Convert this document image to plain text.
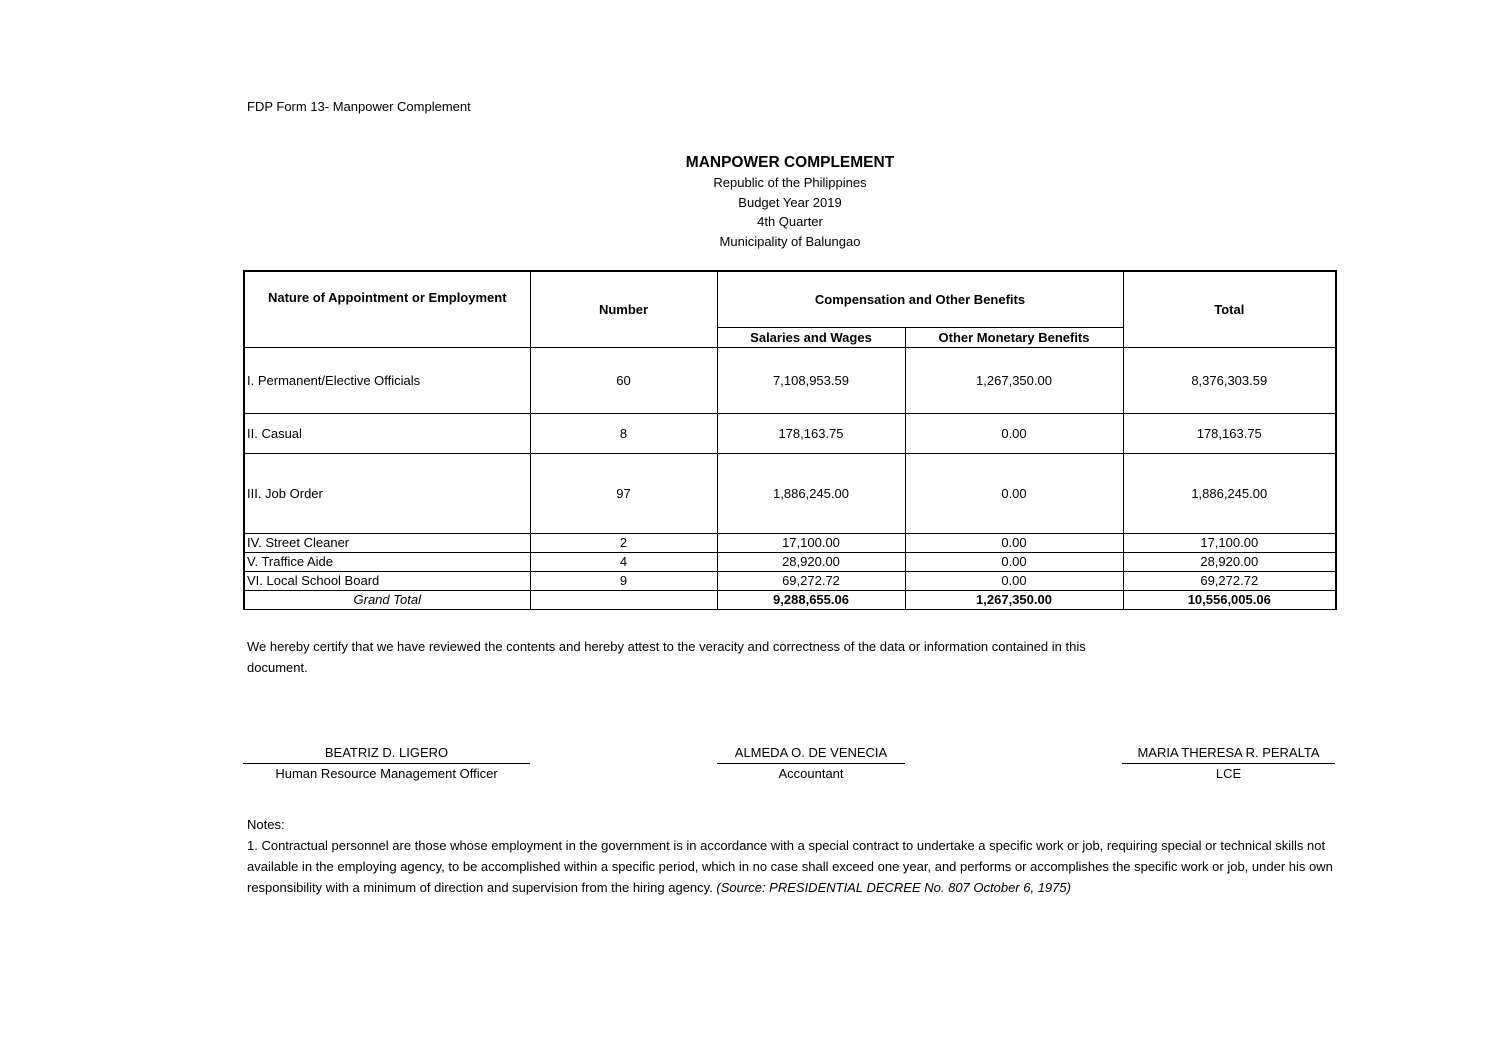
FDP Form 13- Manpower Complement
MANPOWER COMPLEMENT
Republic of the Philippines
Budget Year 2019
4th Quarter
Municipality of Balungao
Nature of Appointment or Employment	Number	Compensation and Other Benefits		Total
		Salaries and Wages	Other Monetary Benefits	
I. Permanent/Elective Officials	60	7,108,953.59	1,267,350.00	8,376,303.59
II. Casual	8	178,163.75	0.00	178,163.75
III. Job Order	97	1,886,245.00	0.00	1,886,245.00
IV. Street Cleaner	2	17,100.00	0.00	17,100.00
V. Traffice Aide	4	28,920.00	0.00	28,920.00
VI. Local School Board	9	69,272.72	0.00	69,272.72
Grand Total		9,288,655.06	1,267,350.00	10,556,005.06
We hereby certify that we have reviewed the contents and hereby attest to the veracity and correctness of the data or information contained in this document.
BEATRIZ D. LIGERO
Human Resource Management Officer
ALMEDA O. DE VENECIA
Accountant
MARIA THERESA R. PERALTA
LCE
Notes:
1. Contractual personnel are those whose employment in the government is in accordance with a special contract to undertake a specific work or job, requiring special or technical skills not available in the employing agency, to be accomplished within a specific period, which in no case shall exceed one year, and performs or accomplishes the specific work or job, under his own responsibility with a minimum of direction and supervision from the hiring agency. (Source: PRESIDENTIAL DECREE No. 807 October 6, 1975)
